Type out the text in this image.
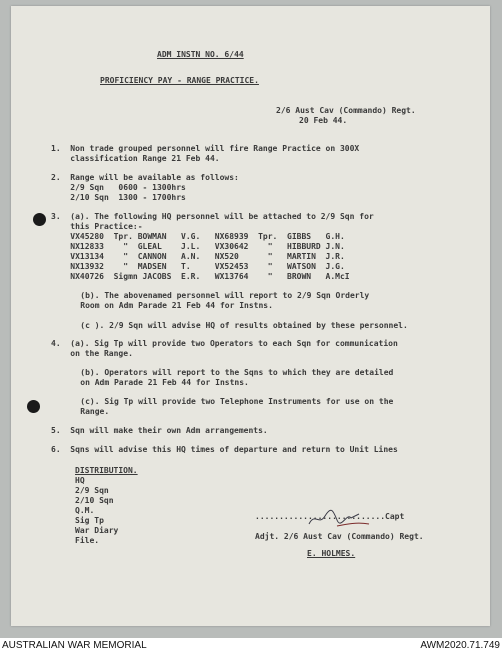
ADM INSTN NO. 6/44
PROFICIENCY PAY - RANGE PRACTICE.
2/6 Aust Cav (Commando) Regt.
20 Feb 44.
1.  Non trade grouped personnel will fire Range Practice on 300X
classification Range 21 Feb 44.
2.  Range will be available as follows:
2/9 Sqn   0600 - 1300hrs
2/10 Sqn  1300 - 1700hrs
3.  (a). The following HQ personnel will be attached to 2/9 Sqn for
this Practice:-
VX45280  Tpr. BOWMAN   V.G.   NX68939  Tpr.  GIBBS   G.H.
NX12833    "  GLEAL    J.L.   VX30642    "   HIBBURD J.N.
VX13134    "  CANNON   A.N.   NX520      "   MARTIN  J.R.
NX13932    "  MADSEN   T.     VX52453    "   WATSON  J.G.
NX40726  Sigmn JACOBS  E.R.   WX13764    "   BROWN   A.McI
(b). The abovenamed personnel will report to 2/9 Sqn Orderly
Room on Adm Parade 21 Feb 44 for Instns.
(c ). 2/9 Sqn will advise HQ of results obtained by these personnel.
4.  (a). Sig Tp will provide two Operators to each Sqn for communication
on the Range.
(b). Operators will report to the Sqns to which they are detailed
on Adm Parade 21 Feb 44 for Instns.
(c). Sig Tp will provide two Telephone Instruments for use on the
Range.
5.  Sqn will make their own Adm arrangements.
6.  Sqns will advise this HQ times of departure and return to Unit Lines
DISTRIBUTION.
HQ
2/9 Sqn
2/10 Sqn
Q.M.
Sig Tp
War Diary
File.
...........................Capt
Adjt. 2/6 Aust Cav (Commando) Regt.
E. HOLMES.
AUSTRALIAN WAR MEMORIAL	AWM2020.71.749
